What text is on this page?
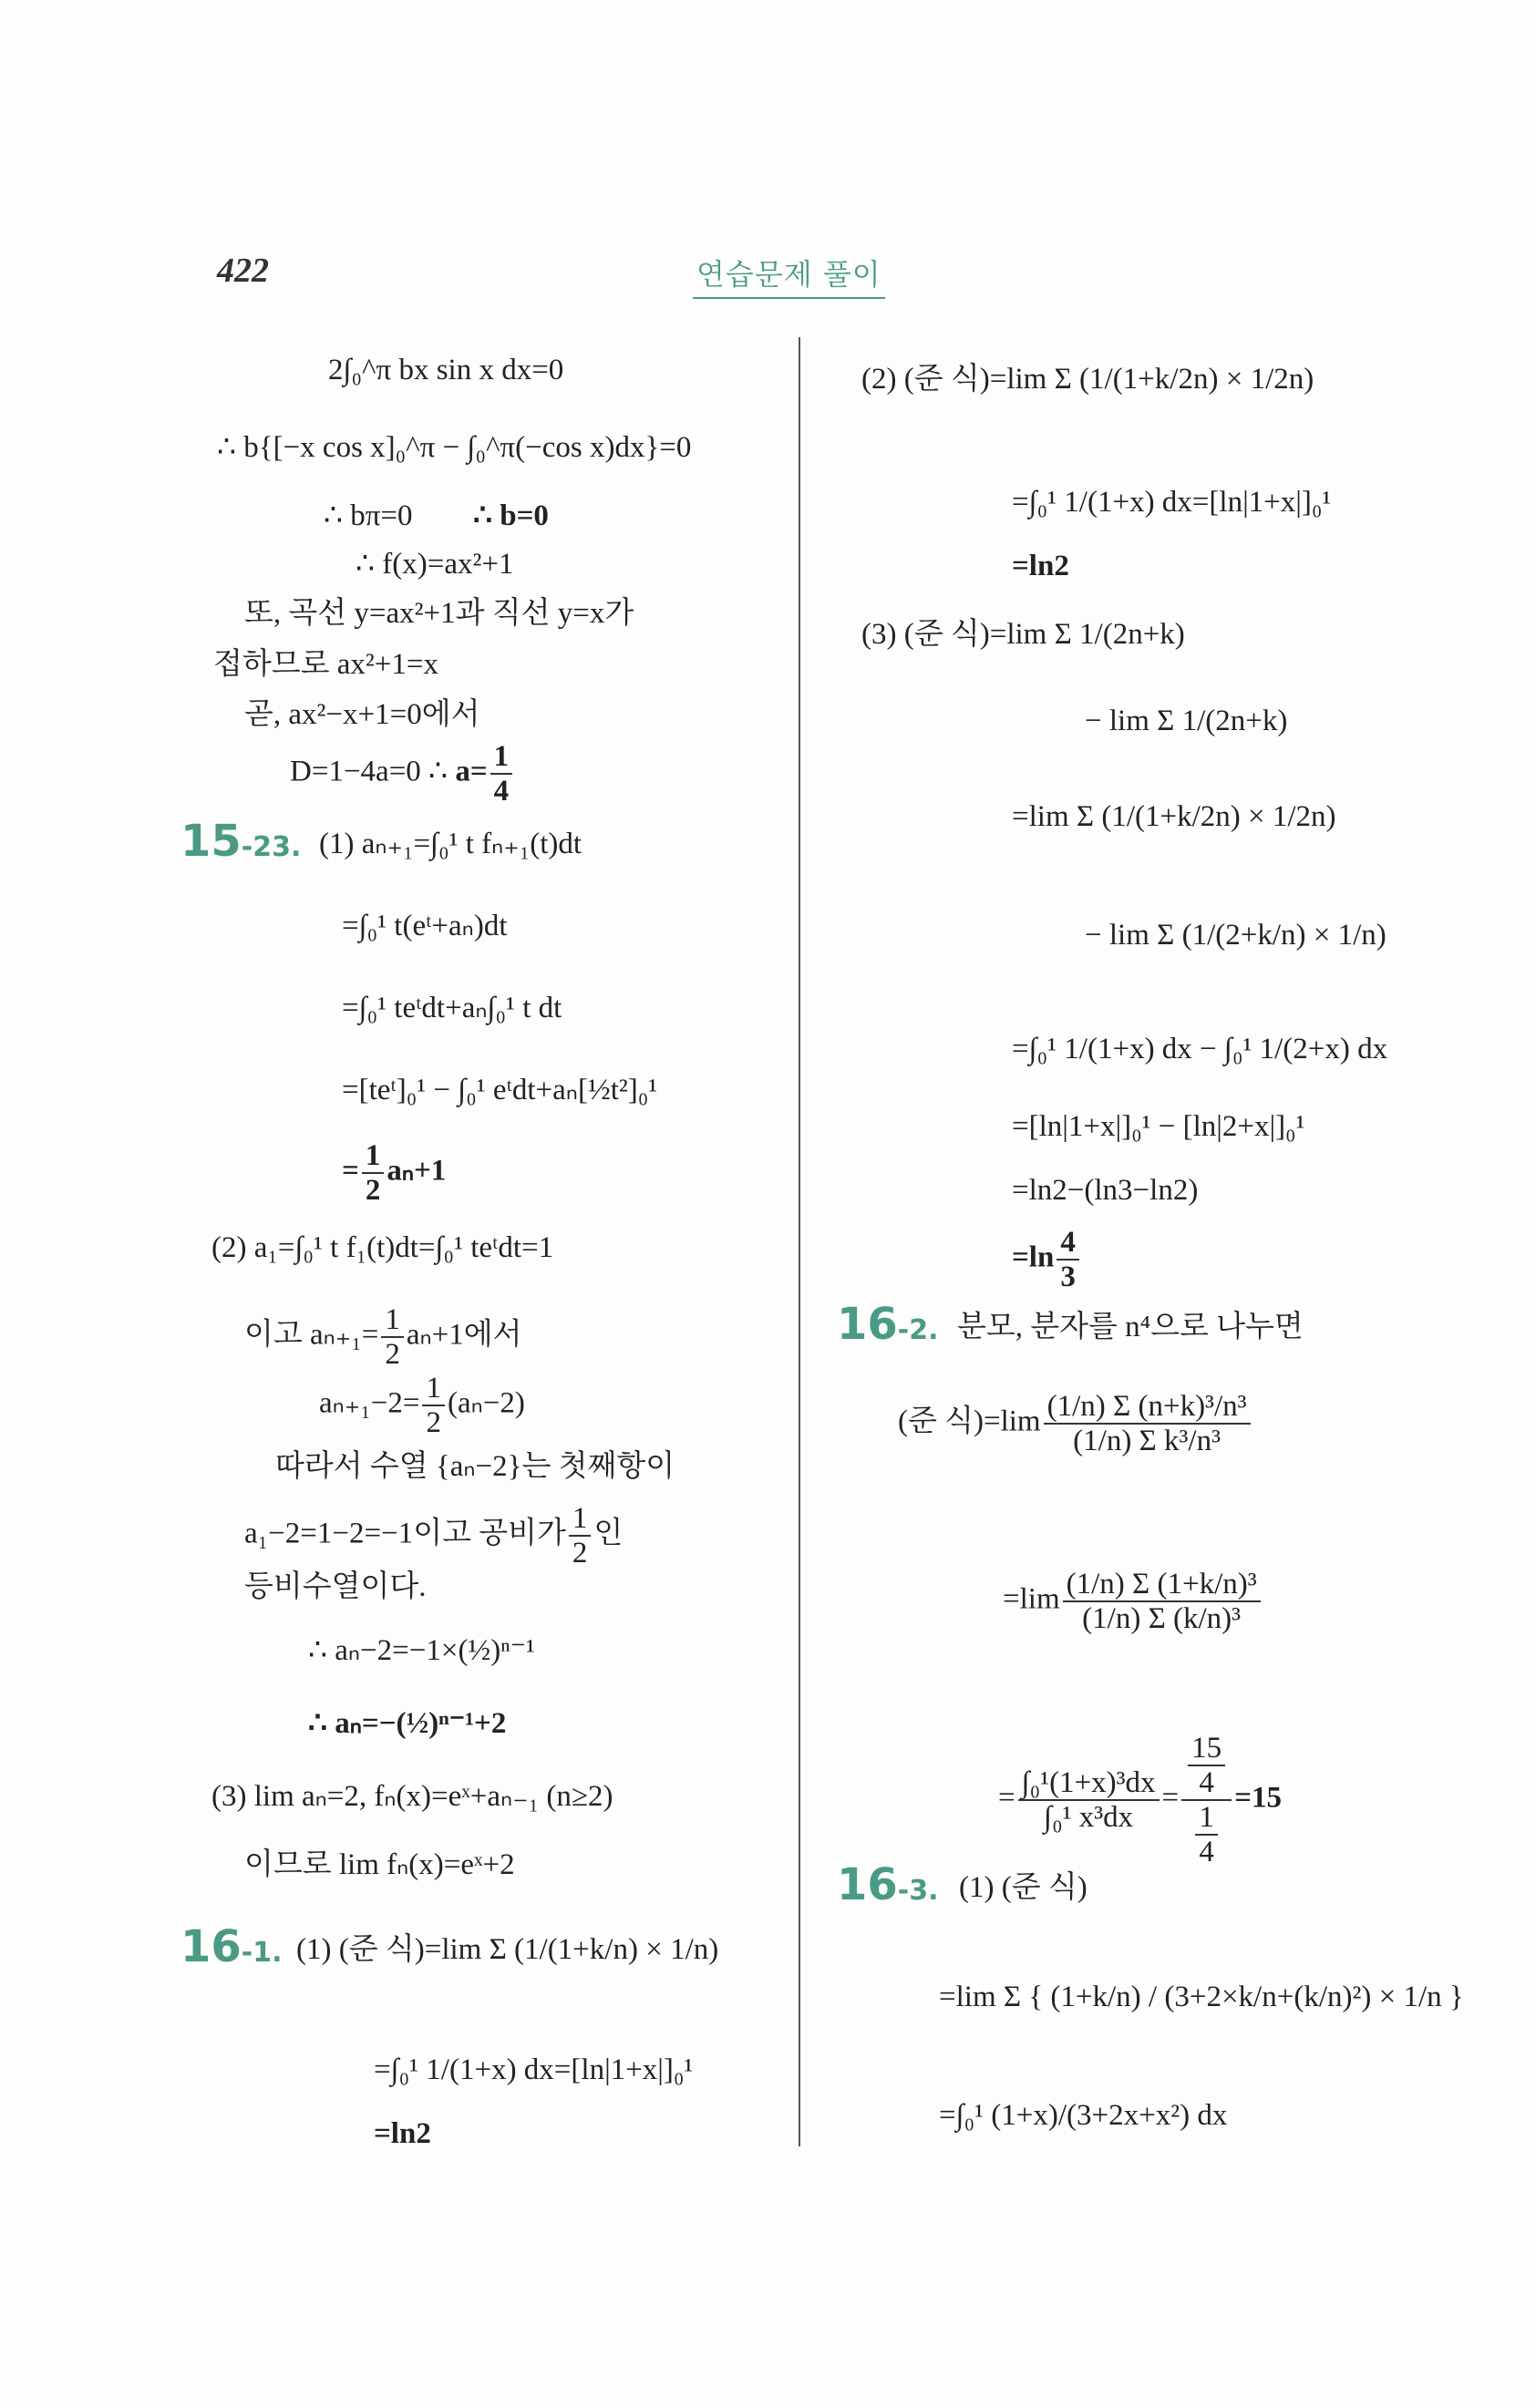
422	연습문제 풀이
2∫₀^π bx sin x dx=0
∴ b{[−x cos x]₀^π − ∫₀^π(−cos x)dx}=0
∴ bπ=0 ∴ b=0
∴ f(x)=ax²+1
또, 곡선 y=ax²+1과 직선 y=x가
접하므로 ax²+1=x
곧, ax²−x+1=0에서
D=1−4a=0 ∴ $a= \frac{1}{4}$
15-23. (1) aₙ₊₁=∫₀¹ t fₙ₊₁(t)dt
=∫₀¹ t(eᵗ+aₙ)dt
=∫₀¹ teᵗdt+aₙ∫₀¹ t dt
=[teᵗ]₀¹ − ∫₀¹ eᵗdt+aₙ[½t²]₀¹
= $\frac{1}{2} a_n+1$
(2) a₁=∫₀¹ t f₁(t)dt=∫₀¹ teᵗdt=1
이고 $a_{n+1}= \frac{1}{2} a_n+1$에서
$a_{n+1}-2= \frac{1}{2} (a_n-2)$
따라서 수열 {aₙ−2}는 첫째항이
a₁−2=1−2=−1이고 공비가 $\frac{1}{2}$ 인
등비수열이다.
∴ aₙ−2=−1×(½)ⁿ⁻¹
∴ aₙ=−(½)ⁿ⁻¹+2
(3) lim aₙ=2, fₙ(x)=eˣ+aₙ₋₁ (n≥2)
이므로 lim fₙ(x)=eˣ+2
16-1. (1) (준 식)=lim Σ (1/(1+k/n) × 1/n)
=∫₀¹ 1/(1+x) dx=[ln|1+x|]₀¹
=ln2
(2) (준 식)=lim Σ (1/(1+k/2n) × 1/2n)
=∫₀¹ 1/(1+x) dx=[ln|1+x|]₀¹
=ln2
(3) (준 식)=lim Σ 1/(2n+k)
− lim Σ 1/(2n+k)
=lim Σ (1/(1+k/2n) × 1/2n)
− lim Σ (1/(2+k/n) × 1/n)
=∫₀¹ 1/(1+x) dx − ∫₀¹ 1/(2+x) dx
=[ln|1+x|]₀¹ − [ln|2+x|]₀¹
=ln2−(ln3−ln2)
$=\ln \frac{4}{3}$
16-2. 분모, 분자를 n⁴으로 나누면
(준 식)$=\lim \frac{\text{(1/n) Σ (n+k)³/n³}}{\text{(1/n) Σ k³/n³}}$
$=\lim \frac{\text{(1/n) Σ (1+k/n)³}}{\text{(1/n) Σ (k/n)³}}$
= $\frac{\text{∫₀¹(1+x)³dx}}{\text{∫₀¹ x³dx}} = \frac{\frac{15}{4}}{\frac{1}{4}} =15$
16-3. (1) (준 식)
=lim Σ { (1+k/n) / (3+2×k/n+(k/n)²) × 1/n }
=∫₀¹ (1+x)/(3+2x+x²) dx
